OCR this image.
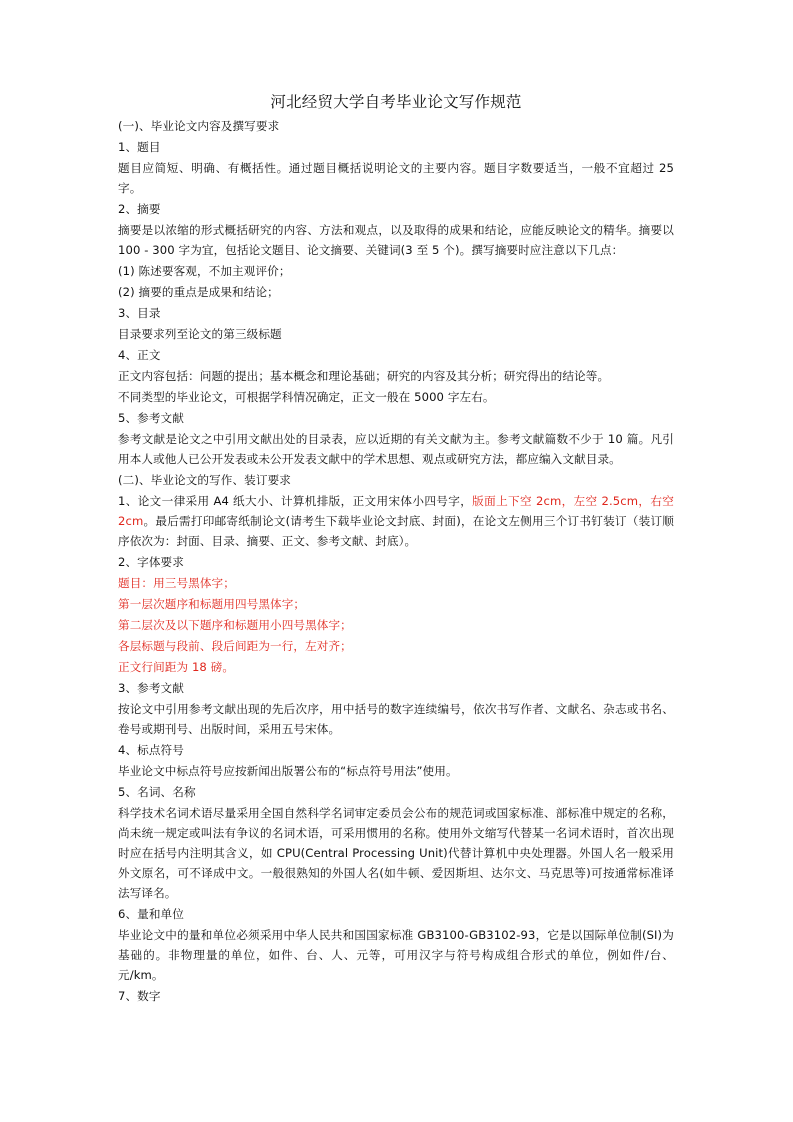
河北经贸大学自考毕业论文写作规范

(一)、毕业论文内容及撰写要求

1、题目

题目应简短、明确、有概括性。通过题目概括说明论文的主要内容。题目字数要适当，一般不宜超过 25 字。

2、摘要

摘要是以浓缩的形式概括研究的内容、方法和观点，以及取得的成果和结论，应能反映论文的精华。摘要以 100 - 300 字为宜，包括论文题目、论文摘要、关键词(3 至 5 个)。撰写摘要时应注意以下几点：

(1) 陈述要客观，不加主观评价；

(2) 摘要的重点是成果和结论；

3、目录

目录要求列至论文的第三级标题

4、正文

正文内容包括：问题的提出；基本概念和理论基础；研究的内容及其分析；研究得出的结论等。

不同类型的毕业论文，可根据学科情况确定，正文一般在 5000 字左右。

5、参考文献

参考文献是论文之中引用文献出处的目录表，应以近期的有关文献为主。参考文献篇数不少于 10 篇。凡引用本人或他人已公开发表或未公开发表文献中的学术思想、观点或研究方法，都应编入文献目录。

(二)、毕业论文的写作、装订要求

1、论文一律采用 A4 纸大小、计算机排版，正文用宋体小四号字，版面上下空 2cm，左空 2.5cm，右空 2cm。最后需打印邮寄纸制论文(请考生下载毕业论文封底、封面)，在论文左侧用三个订书钉装订（装订顺序依次为：封面、目录、摘要、正文、参考文献、封底）。

2、字体要求

题目：用三号黑体字；

第一层次题序和标题用四号黑体字；

第二层次及以下题序和标题用小四号黑体字；

各层标题与段前、段后间距为一行，左对齐；

正文行间距为 18 磅。

3、参考文献

按论文中引用参考文献出现的先后次序，用中括号的数字连续编号，依次书写作者、文献名、杂志或书名、卷号或期刊号、出版时间，采用五号宋体。

4、标点符号

毕业论文中标点符号应按新闻出版署公布的“标点符号用法”使用。

5、名词、名称

科学技术名词术语尽量采用全国自然科学名词审定委员会公布的规范词或国家标准、部标准中规定的名称，尚未统一规定或叫法有争议的名词术语，可采用惯用的名称。使用外文缩写代替某一名词术语时，首次出现时应在括号内注明其含义，如 CPU(Central Processing Unit)代替计算机中央处理器。外国人名一般采用外文原名，可不译成中文。一般很熟知的外国人名(如牛顿、爱因斯坦、达尔文、马克思等)可按通常标准译法写译名。

6、量和单位

毕业论文中的量和单位必须采用中华人民共和国国家标准 GB3100-GB3102-93，它是以国际单位制(SI)为基础的。非物理量的单位，如件、台、人、元等，可用汉字与符号构成组合形式的单位，例如件/台、元/km。

7、数字
